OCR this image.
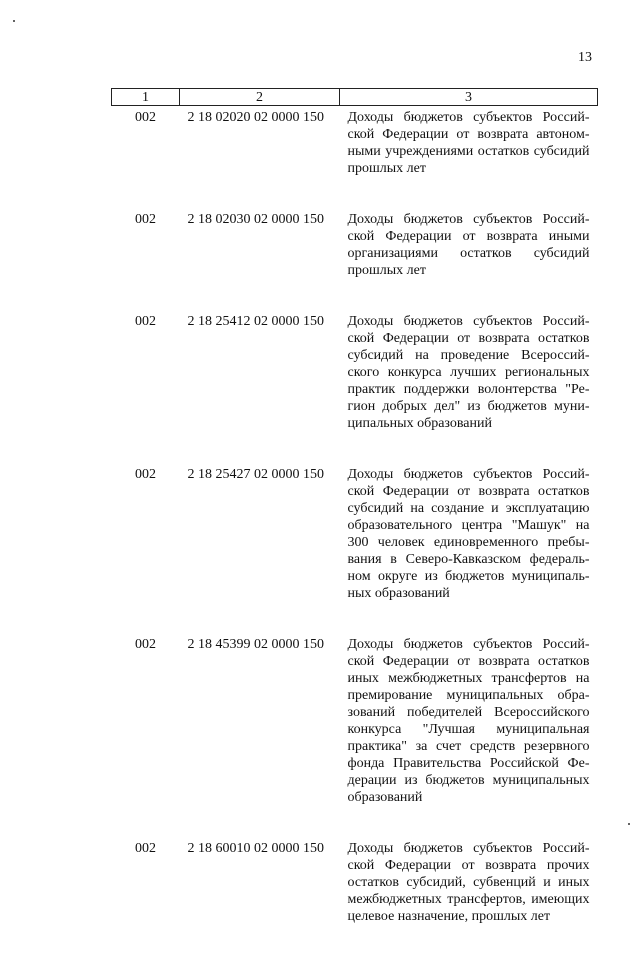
13
1	2	3
002	2 18 02020 02 0000 150	Доходы бюджетов субъектов Российской Федерации от возврата автономными учреждениями остатков субсидий прошлых лет
002	2 18 02030 02 0000 150	Доходы бюджетов субъектов Российской Федерации от возврата иными организациями остатков субсидий прошлых лет
002	2 18 25412 02 0000 150	Доходы бюджетов субъектов Российской Федерации от возврата остатков субсидий на проведение Всероссийского конкурса лучших региональных практик поддержки волонтерства "Регион добрых дел" из бюджетов муниципальных образований
002	2 18 25427 02 0000 150	Доходы бюджетов субъектов Российской Федерации от возврата остатков субсидий на создание и эксплуатацию образовательного центра "Машук" на 300 человек единовременного пребывания в Северо-Кавказском федеральном округе из бюджетов муниципальных образований
002	2 18 45399 02 0000 150	Доходы бюджетов субъектов Российской Федерации от возврата остатков иных межбюджетных трансфертов на премирование муниципальных образований победителей Всероссийского конкурса "Лучшая муниципальная практика" за счет средств резервного фонда Правительства Российской Федерации из бюджетов муниципальных образований
002	2 18 60010 02 0000 150	Доходы бюджетов субъектов Российской Федерации от возврата прочих остатков субсидий, субвенций и иных межбюджетных трансфертов, имеющих целевое назначение, прошлых лет
